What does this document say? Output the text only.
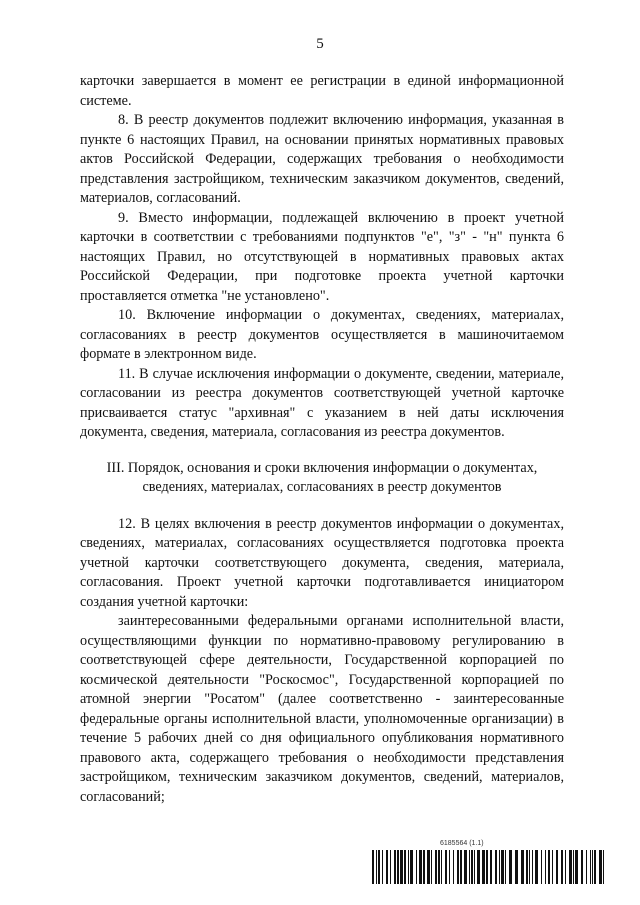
5

карточки завершается в момент ее регистрации в единой информационной системе.

8. В реестр документов подлежит включению информация, указанная в пункте 6 настоящих Правил, на основании принятых нормативных правовых актов Российской Федерации, содержащих требования о необходимости представления застройщиком, техническим заказчиком документов, сведений, материалов, согласований.

9. Вместо информации, подлежащей включению в проект учетной карточки в соответствии с требованиями подпунктов "е", "з" - "н" пункта 6 настоящих Правил, но отсутствующей в нормативных правовых актах Российской Федерации, при подготовке проекта учетной карточки проставляется отметка "не установлено".

10. Включение информации о документах, сведениях, материалах, согласованиях в реестр документов осуществляется в машиночитаемом формате в электронном виде.

11. В случае исключения информации о документе, сведении, материале, согласовании из реестра документов соответствующей учетной карточке присваивается статус "архивная" с указанием в ней даты исключения документа, сведения, материала, согласования из реестра документов.

III. Порядок, основания и сроки включения информации о документах, сведениях, материалах, согласованиях в реестр документов

12. В целях включения в реестр документов информации о документах, сведениях, материалах, согласованиях осуществляется подготовка проекта учетной карточки соответствующего документа, сведения, материала, согласования. Проект учетной карточки подготавливается инициатором создания учетной карточки:

заинтересованными федеральными органами исполнительной власти, осуществляющими функции по нормативно-правовому регулированию в соответствующей сфере деятельности, Государственной корпорацией по космической деятельности "Роскосмос", Государственной корпорацией по атомной энергии "Росатом" (далее соответственно - заинтересованные федеральные органы исполнительной власти, уполномоченные организации) в течение 5 рабочих дней со дня официального опубликования нормативного правового акта, содержащего требования о необходимости представления застройщиком, техническим заказчиком документов, сведений, материалов, согласований;

6185564 (1.1)
